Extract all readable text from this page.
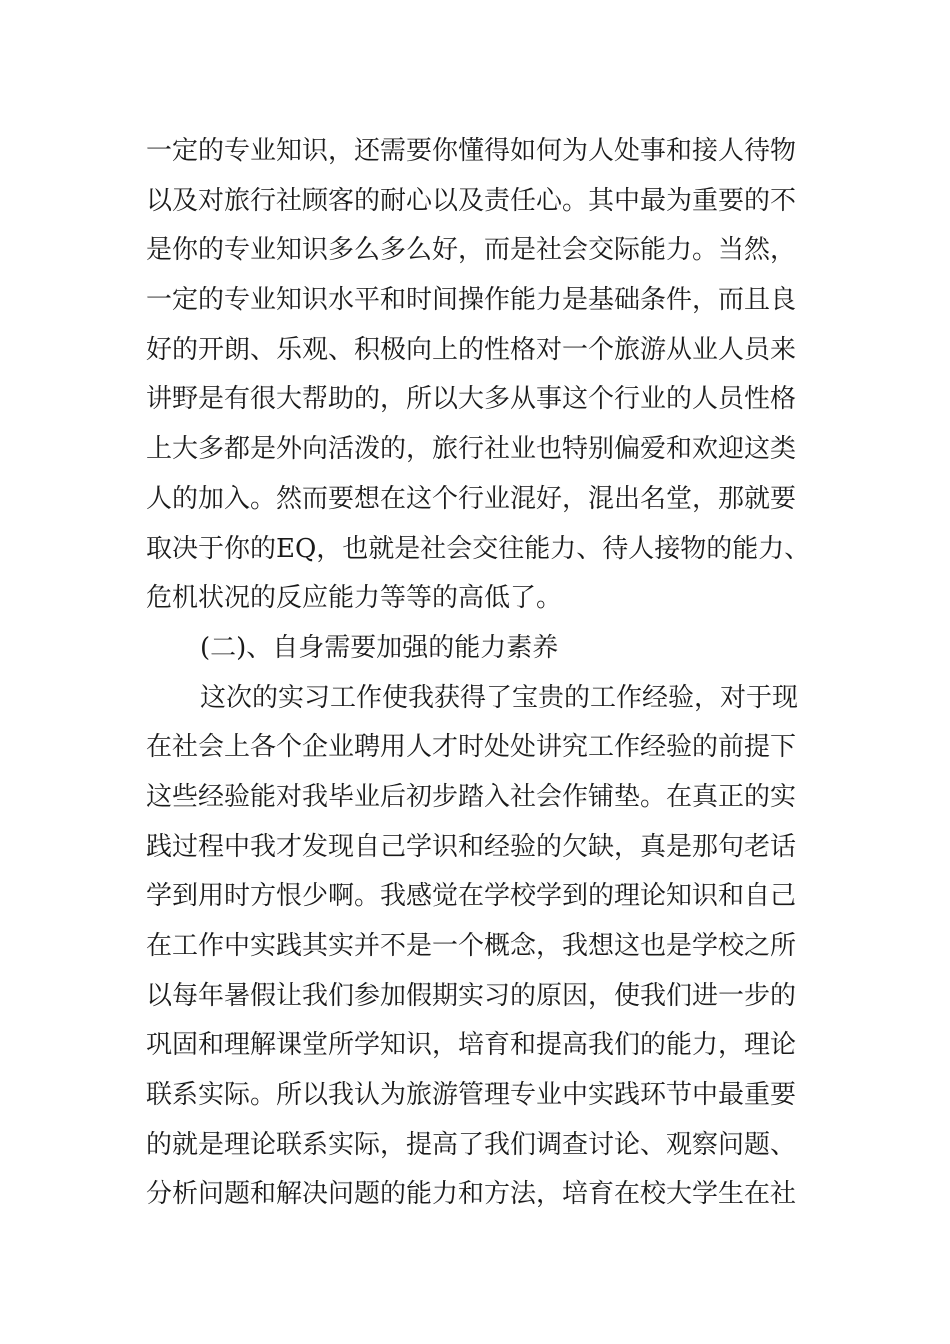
一定的专业知识，还需要你懂得如何为人处事和接人待物
以及对旅行社顾客的耐心以及责任心。其中最为重要的不
是你的专业知识多么多么好，而是社会交际能力。当然，
一定的专业知识水平和时间操作能力是基础条件，而且良
好的开朗、乐观、积极向上的性格对一个旅游从业人员来
讲野是有很大帮助的，所以大多从事这个行业的人员性格
上大多都是外向活泼的，旅行社业也特别偏爱和欢迎这类
人的加入。然而要想在这个行业混好，混出名堂，那就要
取决于你的EQ，也就是社会交往能力、待人接物的能力、
危机状况的反应能力等等的高低了。
(二)、自身需要加强的能力素养
这次的实习工作使我获得了宝贵的工作经验，对于现
在社会上各个企业聘用人才时处处讲究工作经验的前提下
这些经验能对我毕业后初步踏入社会作铺垫。在真正的实
践过程中我才发现自己学识和经验的欠缺，真是那句老话
学到用时方恨少啊。我感觉在学校学到的理论知识和自己
在工作中实践其实并不是一个概念，我想这也是学校之所
以每年暑假让我们参加假期实习的原因，使我们进一步的
巩固和理解课堂所学知识，培育和提高我们的能力，理论
联系实际。所以我认为旅游管理专业中实践环节中最重要
的就是理论联系实际，提高了我们调查讨论、观察问题、
分析问题和解决问题的能力和方法，培育在校大学生在社
